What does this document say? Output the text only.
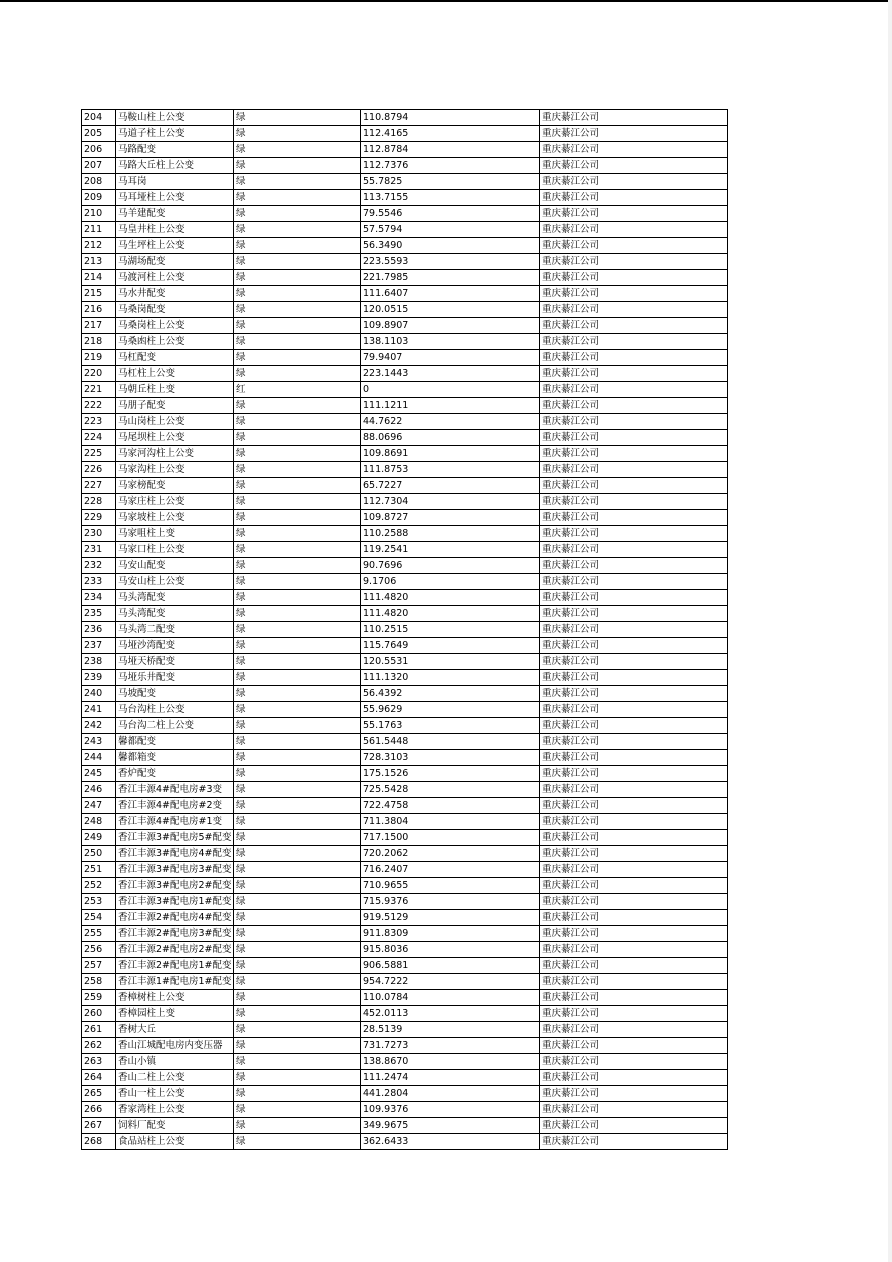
204	马鞍山柱上公变	绿	110.8794	重庆綦江公司
205	马道子柱上公变	绿	112.4165	重庆綦江公司
206	马路配变	绿	112.8784	重庆綦江公司
207	马路大丘柱上公变	绿	112.7376	重庆綦江公司
208	马耳岗	绿	55.7825	重庆綦江公司
209	马耳垭柱上公变	绿	113.7155	重庆綦江公司
210	马羊建配变	绿	79.5546	重庆綦江公司
211	马皇井柱上公变	绿	57.5794	重庆綦江公司
212	马生坪柱上公变	绿	56.3490	重庆綦江公司
213	马湖场配变	绿	223.5593	重庆綦江公司
214	马渡河柱上公变	绿	221.7985	重庆綦江公司
215	马水井配变	绿	111.6407	重庆綦江公司
216	马桑岗配变	绿	120.0515	重庆綦江公司
217	马桑岗柱上公变	绿	109.8907	重庆綦江公司
218	马桑凼柱上公变	绿	138.1103	重庆綦江公司
219	马杠配变	绿	79.9407	重庆綦江公司
220	马杠柱上公变	绿	223.1443	重庆綦江公司
221	马朝丘柱上变	红	0	重庆綦江公司
222	马朋子配变	绿	111.1211	重庆綦江公司
223	马山岗柱上公变	绿	44.7622	重庆綦江公司
224	马尾坝柱上公变	绿	88.0696	重庆綦江公司
225	马家河沟柱上公变	绿	109.8691	重庆綦江公司
226	马家沟柱上公变	绿	111.8753	重庆綦江公司
227	马家榜配变	绿	65.7227	重庆綦江公司
228	马家庄柱上公变	绿	112.7304	重庆綦江公司
229	马家坡柱上公变	绿	109.8727	重庆綦江公司
230	马家咀柱上变	绿	110.2588	重庆綦江公司
231	马家口柱上公变	绿	119.2541	重庆綦江公司
232	马安山配变	绿	90.7696	重庆綦江公司
233	马安山柱上公变	绿	9.1706	重庆綦江公司
234	马头湾配变	绿	111.4820	重庆綦江公司
235	马头湾配变	绿	111.4820	重庆綦江公司
236	马头湾二配变	绿	110.2515	重庆綦江公司
237	马垭沙湾配变	绿	115.7649	重庆綦江公司
238	马垭天桥配变	绿	120.5531	重庆綦江公司
239	马垭乐井配变	绿	111.1320	重庆綦江公司
240	马坡配变	绿	56.4392	重庆綦江公司
241	马台沟柱上公变	绿	55.9629	重庆綦江公司
242	马台沟二柱上公变	绿	55.1763	重庆綦江公司
243	馨都配变	绿	561.5448	重庆綦江公司
244	馨都箱变	绿	728.3103	重庆綦江公司
245	香炉配变	绿	175.1526	重庆綦江公司
246	香江丰源4#配电房#3变	绿	725.5428	重庆綦江公司
247	香江丰源4#配电房#2变	绿	722.4758	重庆綦江公司
248	香江丰源4#配电房#1变	绿	711.3804	重庆綦江公司
249	香江丰源3#配电房5#配变	绿	717.1500	重庆綦江公司
250	香江丰源3#配电房4#配变	绿	720.2062	重庆綦江公司
251	香江丰源3#配电房3#配变	绿	716.2407	重庆綦江公司
252	香江丰源3#配电房2#配变	绿	710.9655	重庆綦江公司
253	香江丰源3#配电房1#配变	绿	715.9376	重庆綦江公司
254	香江丰源2#配电房4#配变	绿	919.5129	重庆綦江公司
255	香江丰源2#配电房3#配变	绿	911.8309	重庆綦江公司
256	香江丰源2#配电房2#配变	绿	915.8036	重庆綦江公司
257	香江丰源2#配电房1#配变	绿	906.5881	重庆綦江公司
258	香江丰源1#配电房1#配变	绿	954.7222	重庆綦江公司
259	香樟树柱上公变	绿	110.0784	重庆綦江公司
260	香樟园柱上变	绿	452.0113	重庆綦江公司
261	香树大丘	绿	28.5139	重庆綦江公司
262	香山江城配电房内变压器	绿	731.7273	重庆綦江公司
263	香山小镇	绿	138.8670	重庆綦江公司
264	香山二柱上公变	绿	111.2474	重庆綦江公司
265	香山一柱上公变	绿	441.2804	重庆綦江公司
266	香家湾柱上公变	绿	109.9376	重庆綦江公司
267	饲料厂配变	绿	349.9675	重庆綦江公司
268	食品站柱上公变	绿	362.6433	重庆綦江公司
